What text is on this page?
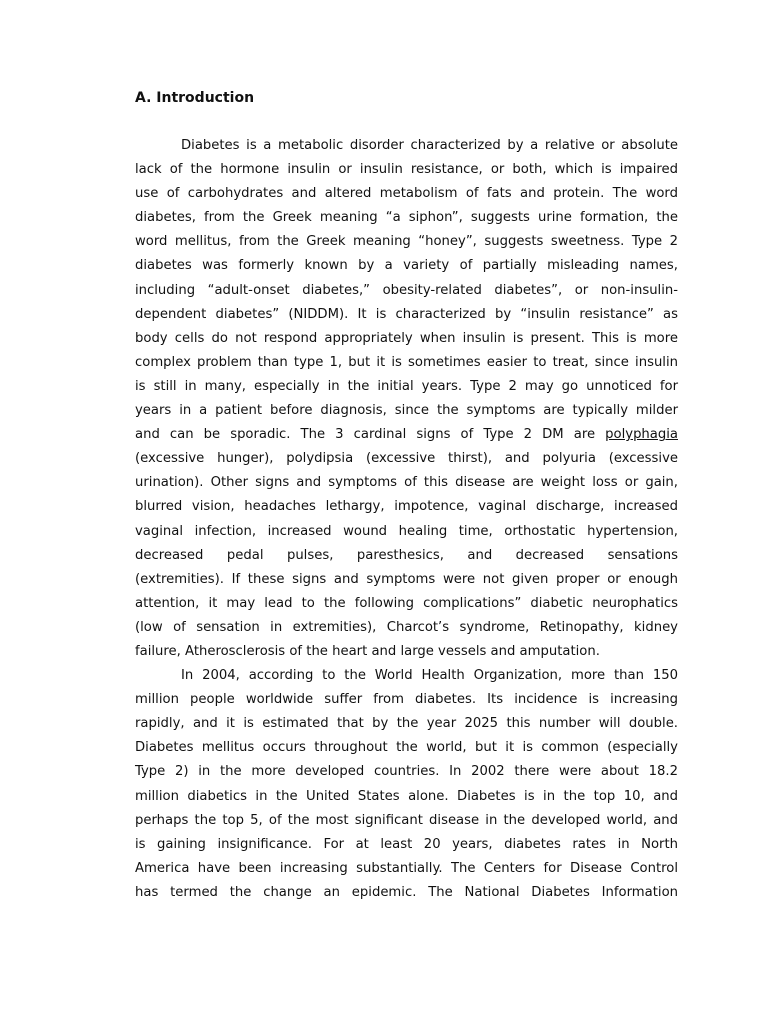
A. Introduction
Diabetes is a metabolic disorder characterized by a relative or absolute
lack of the hormone insulin or insulin resistance, or both, which is impaired
use of carbohydrates and altered metabolism of fats and protein. The word
diabetes, from the Greek meaning “a siphon”, suggests urine formation, the
word mellitus, from the Greek meaning “honey”, suggests sweetness. Type 2
diabetes was formerly known by a variety of partially misleading names,
including “adult-onset diabetes,” obesity-related diabetes”, or non-insulin-
dependent diabetes” (NIDDM). It is characterized by “insulin resistance” as
body cells do not respond appropriately when insulin is present. This is more
complex problem than type 1, but it is sometimes easier to treat, since insulin
is still in many, especially in the initial years. Type 2 may go unnoticed for
years in a patient before diagnosis, since the symptoms are typically milder
and can be sporadic. The 3 cardinal signs of Type 2 DM are polyphagia
(excessive hunger), polydipsia (excessive thirst), and polyuria (excessive
urination). Other signs and symptoms of this disease are weight loss or gain,
blurred vision, headaches lethargy, impotence, vaginal discharge, increased
vaginal infection, increased wound healing time, orthostatic hypertension,
decreased pedal pulses, paresthesics, and decreased sensations
(extremities). If these signs and symptoms were not given proper or enough
attention, it may lead to the following complications” diabetic neurophatics
(low of sensation in extremities), Charcot’s syndrome, Retinopathy, kidney
failure, Atherosclerosis of the heart and large vessels and amputation.
In 2004, according to the World Health Organization, more than 150
million people worldwide suffer from diabetes. Its incidence is increasing
rapidly, and it is estimated that by the year 2025 this number will double.
Diabetes mellitus occurs throughout the world, but it is common (especially
Type 2) in the more developed countries. In 2002 there were about 18.2
million diabetics in the United States alone. Diabetes is in the top 10, and
perhaps the top 5, of the most significant disease in the developed world, and
is gaining insignificance. For at least 20 years, diabetes rates in North
America have been increasing substantially. The Centers for Disease Control
has termed the change an epidemic. The National Diabetes Information
